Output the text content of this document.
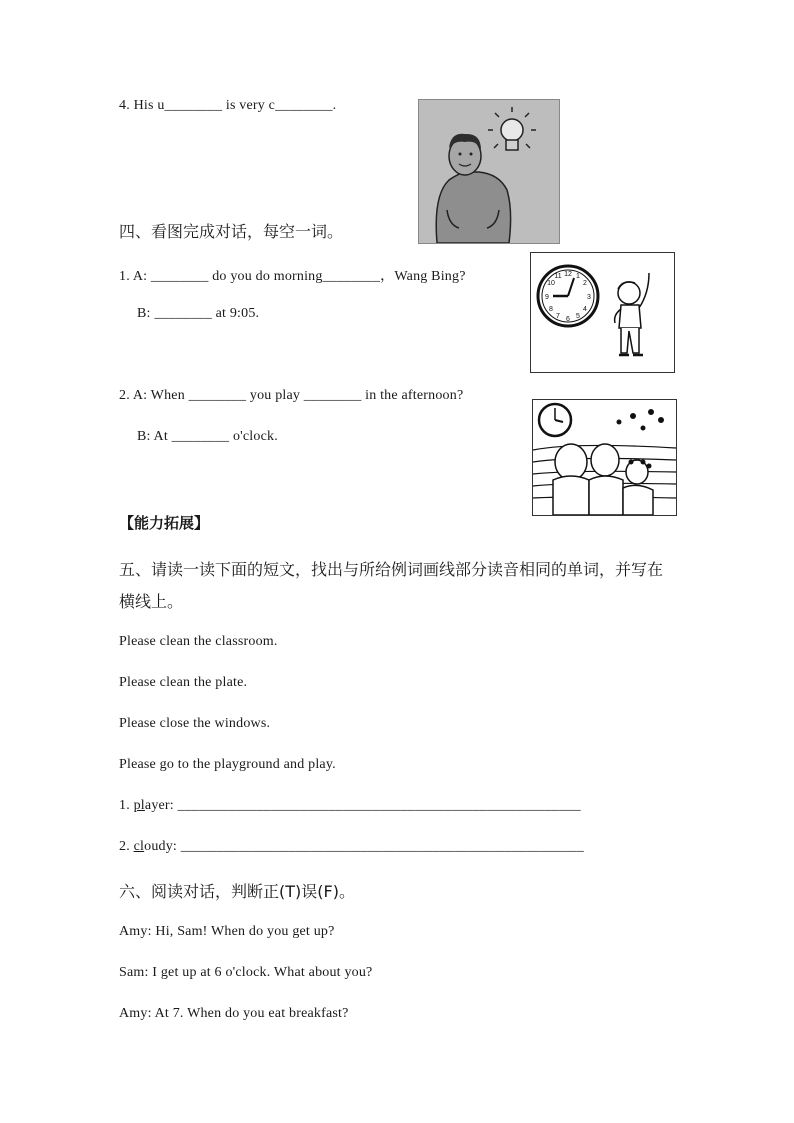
4. His u________ is very c________.
四、看图完成对话，每空一词。
1. A: ________ do you do morning________，Wang Bing?
B: ________ at 9:05.
12 1
2
3
4
5
6
7
8
9
10
11
2. A: When ________ you play ________ in the afternoon?
B: At ________ o'clock.
【能力拓展】
五、请读一读下面的短文，找出与所给例词画线部分读音相同的单词，并写在
横线上。
Please clean the classroom.
Please clean the plate.
Please close the windows.
Please go to the playground and play.
1. player: ________________________________________________________
2. cloudy: ________________________________________________________
六、阅读对话，判断正(T)误(F)。
Amy: Hi, Sam! When do you get up?
Sam: I get up at 6 o'clock. What about you?
Amy: At 7. When do you eat breakfast?
